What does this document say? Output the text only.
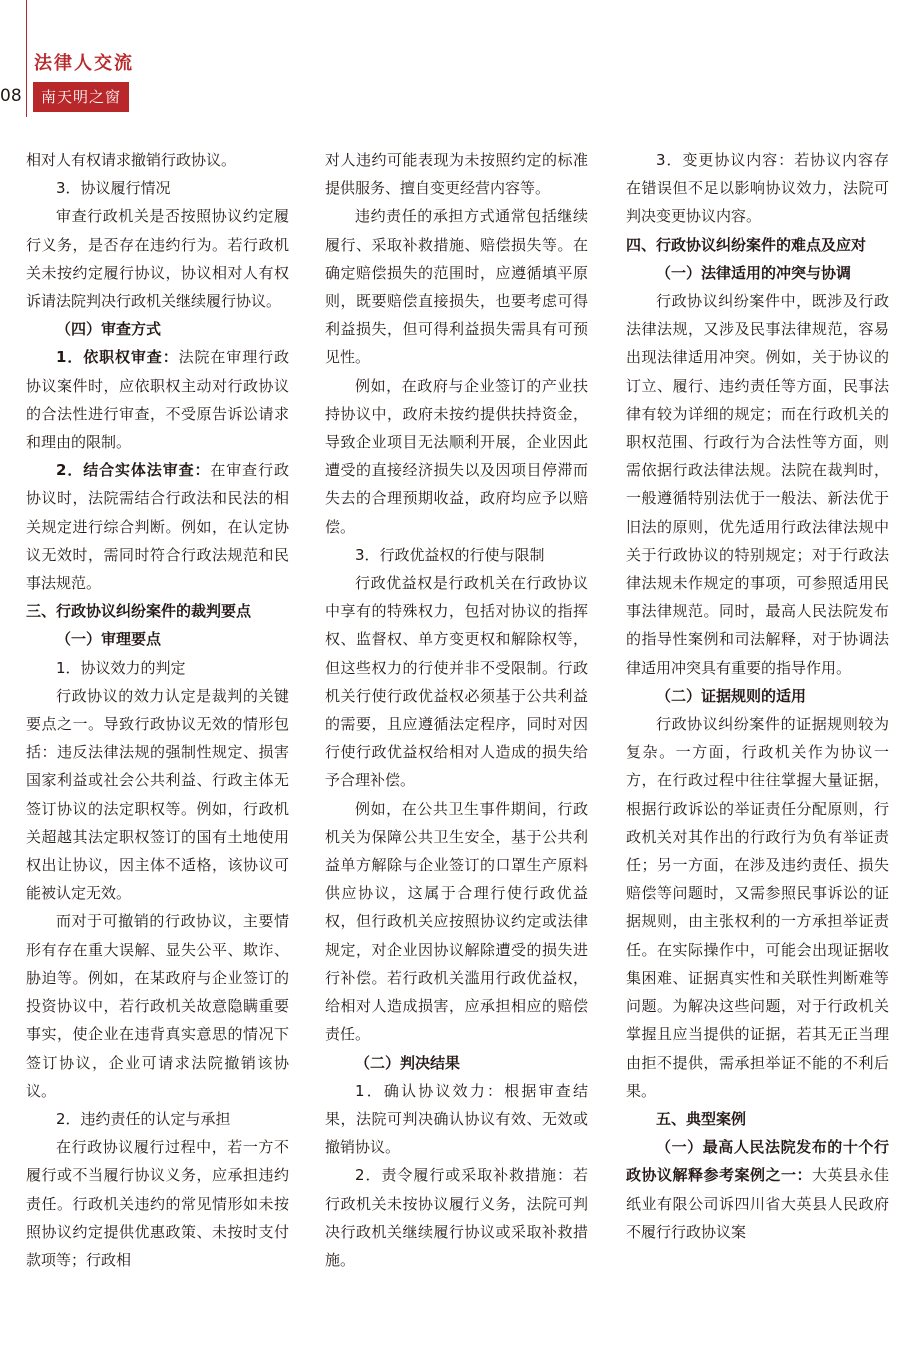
08
法律人交流
南天明之窗

相对人有权请求撤销行政协议。

3．协议履行情况

审查行政机关是否按照协议约定履行义务，是否存在违约行为。若行政机关未按约定履行协议，协议相对人有权诉请法院判决行政机关继续履行协议。

（四）审查方式

1．依职权审查：法院在审理行政协议案件时，应依职权主动对行政协议的合法性进行审查，不受原告诉讼请求和理由的限制。

2．结合实体法审查：在审查行政协议时，法院需结合行政法和民法的相关规定进行综合判断。例如，在认定协议无效时，需同时符合行政法规范和民事法规范。

三、行政协议纠纷案件的裁判要点

（一）审理要点

1．协议效力的判定

行政协议的效力认定是裁判的关键要点之一。导致行政协议无效的情形包括：违反法律法规的强制性规定、损害国家利益或社会公共利益、行政主体无签订协议的法定职权等。例如，行政机关超越其法定职权签订的国有土地使用权出让协议，因主体不适格，该协议可能被认定无效。

而对于可撤销的行政协议，主要情形有存在重大误解、显失公平、欺诈、胁迫等。例如，在某政府与企业签订的投资协议中，若行政机关故意隐瞒重要事实，使企业在违背真实意思的情况下签订协议，企业可请求法院撤销该协议。

2．违约责任的认定与承担

在行政协议履行过程中，若一方不履行或不当履行协议义务，应承担违约责任。行政机关违约的常见情形如未按照协议约定提供优惠政策、未按时支付款项等；行政相

对人违约可能表现为未按照约定的标准提供服务、擅自变更经营内容等。

违约责任的承担方式通常包括继续履行、采取补救措施、赔偿损失等。在确定赔偿损失的范围时，应遵循填平原则，既要赔偿直接损失，也要考虑可得利益损失，但可得利益损失需具有可预见性。

例如，在政府与企业签订的产业扶持协议中，政府未按约提供扶持资金，导致企业项目无法顺利开展，企业因此遭受的直接经济损失以及因项目停滞而失去的合理预期收益，政府均应予以赔偿。

3．行政优益权的行使与限制

行政优益权是行政机关在行政协议中享有的特殊权力，包括对协议的指挥权、监督权、单方变更权和解除权等，但这些权力的行使并非不受限制。行政机关行使行政优益权必须基于公共利益的需要，且应遵循法定程序，同时对因行使行政优益权给相对人造成的损失给予合理补偿。

例如，在公共卫生事件期间，行政机关为保障公共卫生安全，基于公共利益单方解除与企业签订的口罩生产原料供应协议，这属于合理行使行政优益权，但行政机关应按照协议约定或法律规定，对企业因协议解除遭受的损失进行补偿。若行政机关滥用行政优益权，给相对人造成损害，应承担相应的赔偿责任。

（二）判决结果

1．确认协议效力：根据审查结果，法院可判决确认协议有效、无效或撤销协议。

2．责令履行或采取补救措施：若行政机关未按协议履行义务，法院可判决行政机关继续履行协议或采取补救措施。

3．变更协议内容：若协议内容存在错误但不足以影响协议效力，法院可判决变更协议内容。

四、行政协议纠纷案件的难点及应对

（一）法律适用的冲突与协调

行政协议纠纷案件中，既涉及行政法律法规，又涉及民事法律规范，容易出现法律适用冲突。例如，关于协议的订立、履行、违约责任等方面，民事法律有较为详细的规定；而在行政机关的职权范围、行政行为合法性等方面，则需依据行政法律法规。法院在裁判时，一般遵循特别法优于一般法、新法优于旧法的原则，优先适用行政法律法规中关于行政协议的特别规定；对于行政法律法规未作规定的事项，可参照适用民事法律规范。同时，最高人民法院发布的指导性案例和司法解释，对于协调法律适用冲突具有重要的指导作用。

（二）证据规则的适用

行政协议纠纷案件的证据规则较为复杂。一方面，行政机关作为协议一方，在行政过程中往往掌握大量证据，根据行政诉讼的举证责任分配原则，行政机关对其作出的行政行为负有举证责任；另一方面，在涉及违约责任、损失赔偿等问题时，又需参照民事诉讼的证据规则，由主张权利的一方承担举证责任。在实际操作中，可能会出现证据收集困难、证据真实性和关联性判断难等问题。为解决这些问题，对于行政机关掌握且应当提供的证据，若其无正当理由拒不提供，需承担举证不能的不利后果。

五、典型案例

（一）最高人民法院发布的十个行政协议解释参考案例之一：大英县永佳纸业有限公司诉四川省大英县人民政府不履行行政协议案
